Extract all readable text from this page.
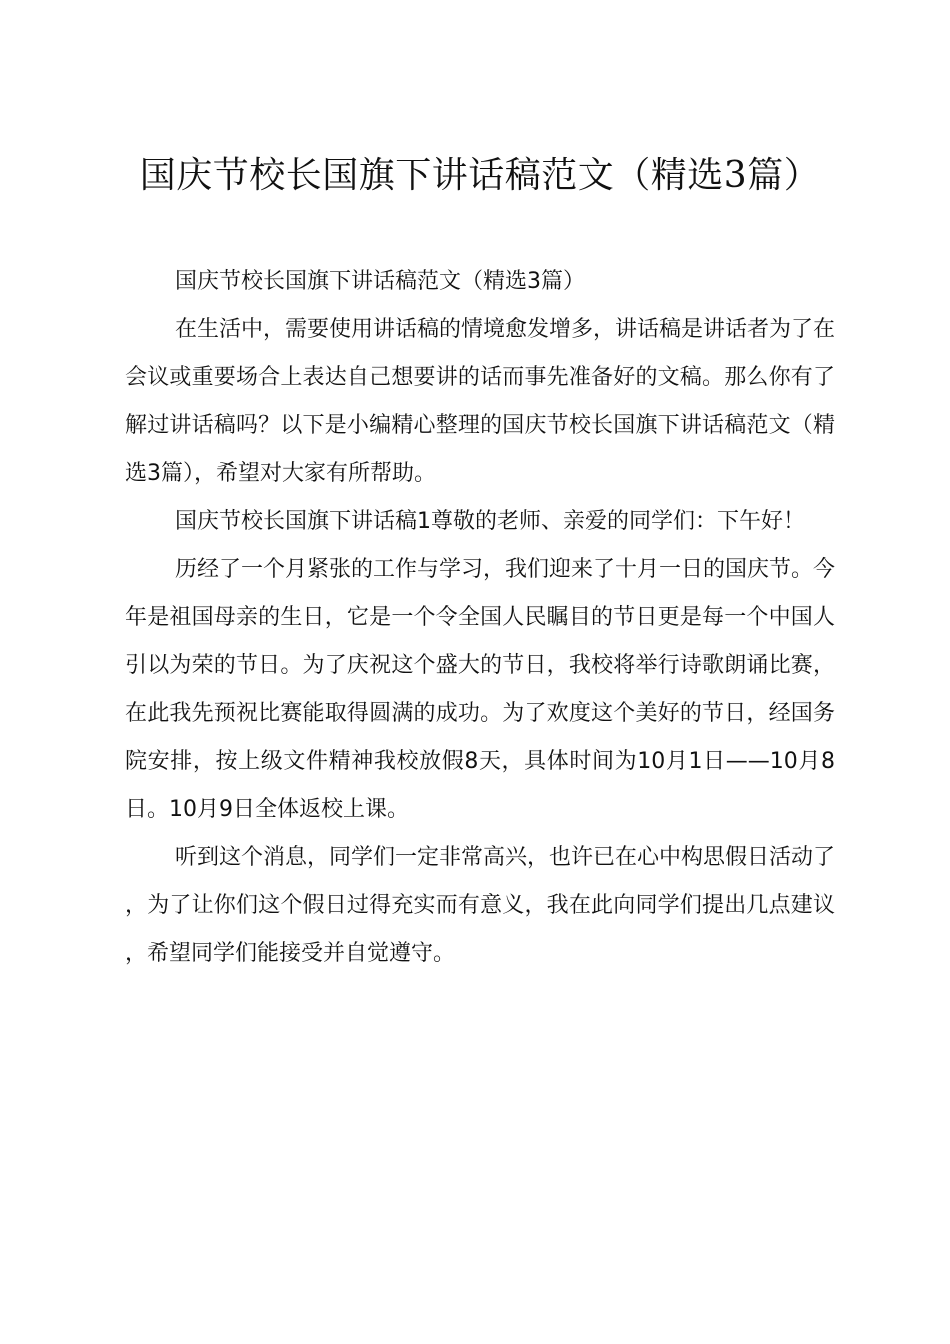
国庆节校长国旗下讲话稿范文（精选3篇）

国庆节校长国旗下讲话稿范文（精选3篇）

在生活中，需要使用讲话稿的情境愈发增多，讲话稿是讲话者为了在会议或重要场合上表达自己想要讲的话而事先准备好的文稿。那么你有了解过讲话稿吗？以下是小编精心整理的国庆节校长国旗下讲话稿范文（精选3篇），希望对大家有所帮助。

国庆节校长国旗下讲话稿1尊敬的老师、亲爱的同学们：下午好！

历经了一个月紧张的工作与学习，我们迎来了十月一日的国庆节。今年是祖国母亲的生日，它是一个令全国人民瞩目的节日更是每一个中国人引以为荣的节日。为了庆祝这个盛大的节日，我校将举行诗歌朗诵比赛，在此我先预祝比赛能取得圆满的成功。为了欢度这个美好的节日，经国务院安排，按上级文件精神我校放假8天，具体时间为10月1日——10月8日。10月9日全体返校上课。

听到这个消息，同学们一定非常高兴，也许已在心中构思假日活动了，为了让你们这个假日过得充实而有意义，我在此向同学们提出几点建议，希望同学们能接受并自觉遵守。
